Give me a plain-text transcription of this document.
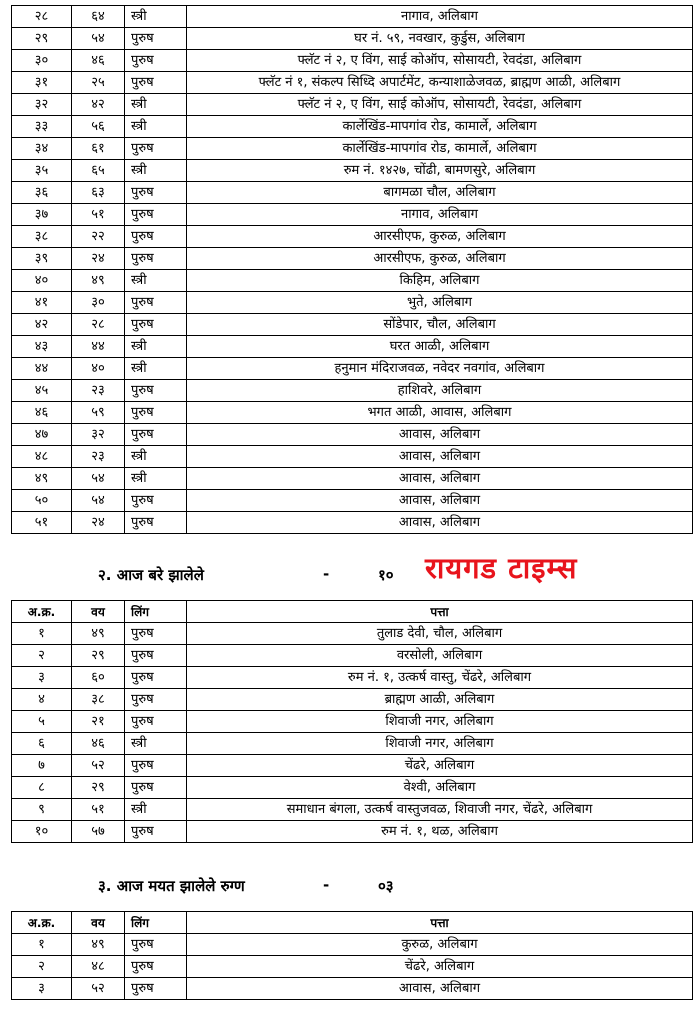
२८	६४	स्त्री	नागाव, अलिबाग
२९	५४	पुरुष	घर नं. ५९, नवखार, कुर्डुस, अलिबाग
३०	४६	पुरुष	फ्लॅट नं २, ए विंग, साई कोऑप, सोसायटी, रेवदंडा, अलिबाग
३१	२५	पुरुष	फ्लॅट नं १, संकल्प सिध्दि अपार्टमेंट, कन्याशाळेजवळ, ब्राह्मण आळी, अलिबाग
३२	४२	स्त्री	फ्लॅट नं २, ए विंग, साई कोऑप, सोसायटी, रेवदंडा, अलिबाग
३३	५६	स्त्री	कार्लेखिंड-मापगांव रोड, कामार्ले, अलिबाग
३४	६१	पुरुष	कार्लेखिंड-मापगांव रोड, कामार्ले, अलिबाग
३५	६५	स्त्री	रुम नं. १४२७, चोंढी, बामणसुरे, अलिबाग
३६	६३	पुरुष	बागमळा चौल, अलिबाग
३७	५१	पुरुष	नागाव, अलिबाग
३८	२२	पुरुष	आरसीएफ, कुरुळ, अलिबाग
३९	२४	पुरुष	आरसीएफ, कुरुळ, अलिबाग
४०	४९	स्त्री	किहिम, अलिबाग
४१	३०	पुरुष	भुते, अलिबाग
४२	२८	पुरुष	सोंडेपार, चौल, अलिबाग
४३	४४	स्त्री	घरत आळी, अलिबाग
४४	४०	स्त्री	हनुमान मंदिराजवळ, नवेदर नवगांव, अलिबाग
४५	२३	पुरुष	हाशिवरे, अलिबाग
४६	५९	पुरुष	भगत आळी, आवास, अलिबाग
४७	३२	पुरुष	आवास, अलिबाग
४८	२३	स्त्री	आवास, अलिबाग
४९	५४	स्त्री	आवास, अलिबाग
५०	५४	पुरुष	आवास, अलिबाग
५१	२४	पुरुष	आवास, अलिबाग
२. आज बरे झालेले	-	१० रायगड टाइम्स
अ.क्र.	वय	लिंग	पत्ता
१	४९	पुरुष	तुलाड देवी, चौल, अलिबाग
२	२९	पुरुष	वरसोली, अलिबाग
३	६०	पुरुष	रुम नं. १, उत्कर्ष वास्तु, चेंढरे, अलिबाग
४	३८	पुरुष	ब्राह्मण आळी, अलिबाग
५	२१	पुरुष	शिवाजी नगर, अलिबाग
६	४६	स्त्री	शिवाजी नगर, अलिबाग
७	५२	पुरुष	चेंढरे, अलिबाग
८	२९	पुरुष	वेश्वी, अलिबाग
९	५१	स्त्री	समाधान बंगला, उत्कर्ष वास्तुजवळ, शिवाजी नगर, चेंढरे, अलिबाग
१०	५७	पुरुष	रुम नं. १, थळ, अलिबाग
३. आज मयत झालेले रुग्ण	-	०३
अ.क्र.	वय	लिंग	पत्ता
१	४९	पुरुष	कुरुळ, अलिबाग
२	४८	पुरुष	चेंढरे, अलिबाग
३	५२	पुरुष	आवास, अलिबाग
